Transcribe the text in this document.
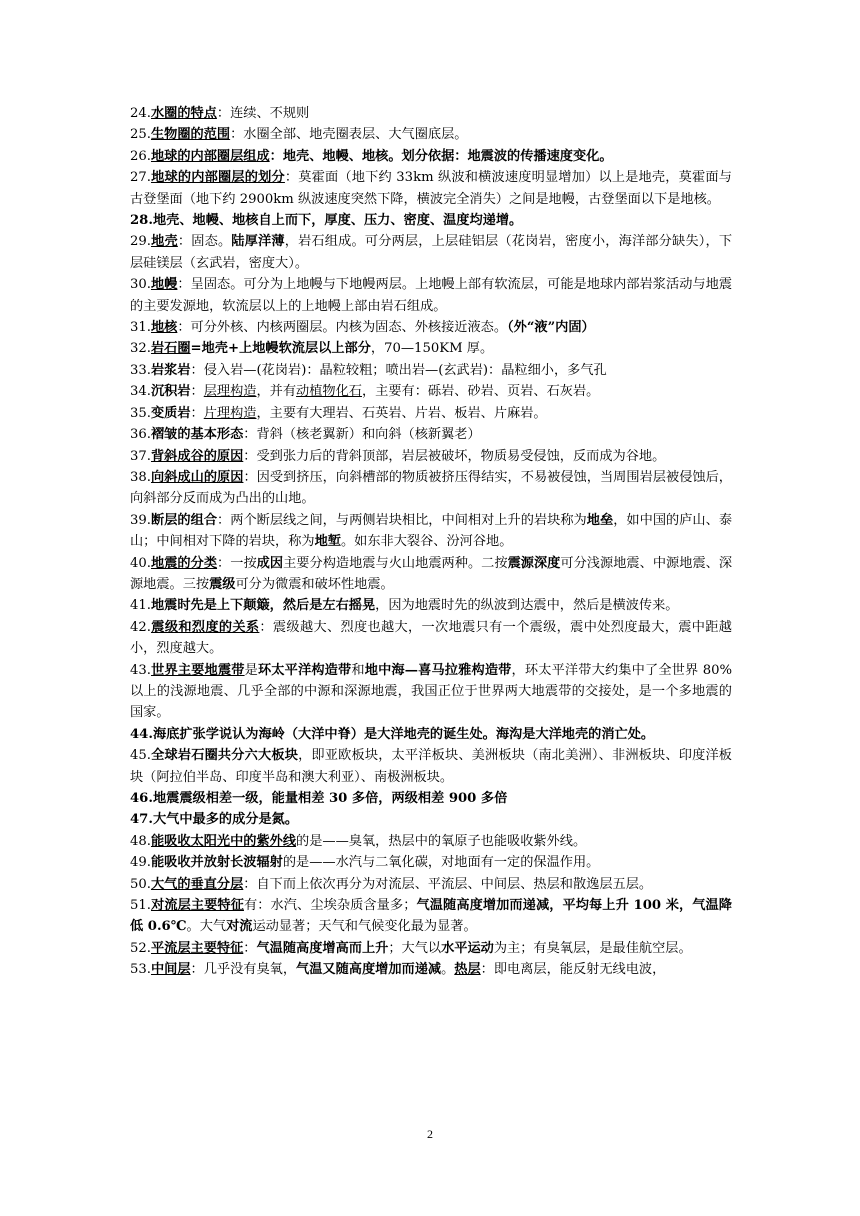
24.水圈的特点：连续、不规则

25.生物圈的范围：水圈全部、地壳圈表层、大气圈底层。

26.地球的内部圈层组成：地壳、地幔、地核。划分依据：地震波的传播速度变化。

27.地球的内部圈层的划分：莫霍面（地下约 33km 纵波和横波速度明显增加）以上是地壳，莫霍面与古登堡面（地下约 2900km 纵波速度突然下降，横波完全消失）之间是地幔，古登堡面以下是地核。

28.地壳、地幔、地核自上而下，厚度、压力、密度、温度均递增。

29.地壳：固态。陆厚洋薄，岩石组成。可分两层，上层硅铝层（花岗岩，密度小，海洋部分缺失），下层硅镁层（玄武岩，密度大）。

30.地幔：呈固态。可分为上地幔与下地幔两层。上地幔上部有软流层，可能是地球内部岩浆活动与地震的主要发源地，软流层以上的上地幔上部由岩石组成。

31.地核：可分外核、内核两圈层。内核为固态、外核接近液态。（外“液”内固）

32.岩石圈=地壳+上地幔软流层以上部分，70—150KM 厚。

33.岩浆岩：侵入岩—(花岗岩)：晶粒较粗；喷出岩—(玄武岩)：晶粒细小，多气孔

34.沉积岩：层理构造，并有动植物化石，主要有：砾岩、砂岩、页岩、石灰岩。

35.变质岩：片理构造，主要有大理岩、石英岩、片岩、板岩、片麻岩。

36.褶皱的基本形态：背斜（核老翼新）和向斜（核新翼老）

37.背斜成谷的原因：受到张力后的背斜顶部，岩层被破坏，物质易受侵蚀，反而成为谷地。

38.向斜成山的原因：因受到挤压，向斜槽部的物质被挤压得结实，不易被侵蚀，当周围岩层被侵蚀后，向斜部分反而成为凸出的山地。

39.断层的组合：两个断层线之间，与两侧岩块相比，中间相对上升的岩块称为地垒，如中国的庐山、泰山；中间相对下降的岩块，称为地堑。如东非大裂谷、汾河谷地。

40.地震的分类：一按成因主要分构造地震与火山地震两种。二按震源深度可分浅源地震、中源地震、深源地震。三按震级可分为微震和破坏性地震。

41.地震时先是上下颠簸，然后是左右摇晃，因为地震时先的纵波到达震中，然后是横波传来。

42.震级和烈度的关系：震级越大、烈度也越大，一次地震只有一个震级，震中处烈度最大，震中距越小，烈度越大。

43.世界主要地震带是环太平洋构造带和地中海—喜马拉雅构造带，环太平洋带大约集中了全世界 80%以上的浅源地震、几乎全部的中源和深源地震，我国正位于世界两大地震带的交接处，是一个多地震的国家。

44.海底扩张学说认为海岭（大洋中脊）是大洋地壳的诞生处。海沟是大洋地壳的消亡处。

45.全球岩石圈共分六大板块，即亚欧板块，太平洋板块、美洲板块（南北美洲）、非洲板块、印度洋板块（阿拉伯半岛、印度半岛和澳大利亚）、南极洲板块。

46.地震震级相差一级，能量相差 30 多倍，两级相差 900 多倍

47.大气中最多的成分是氮。

48.能吸收太阳光中的紫外线的是——臭氧，热层中的氧原子也能吸收紫外线。

49.能吸收并放射长波辐射的是——水汽与二氧化碳，对地面有一定的保温作用。

50.大气的垂直分层：自下而上依次再分为对流层、平流层、中间层、热层和散逸层五层。

51.对流层主要特征有：水汽、尘埃杂质含量多；气温随高度增加而递减，平均每上升 100 米，气温降低 0.6℃。大气对流运动显著；天气和气候变化最为显著。

52.平流层主要特征：气温随高度增高而上升；大气以水平运动为主；有臭氧层，是最佳航空层。

53.中间层：几乎没有臭氧，气温又随高度增加而递减。热层：即电离层，能反射无线电波，

2
